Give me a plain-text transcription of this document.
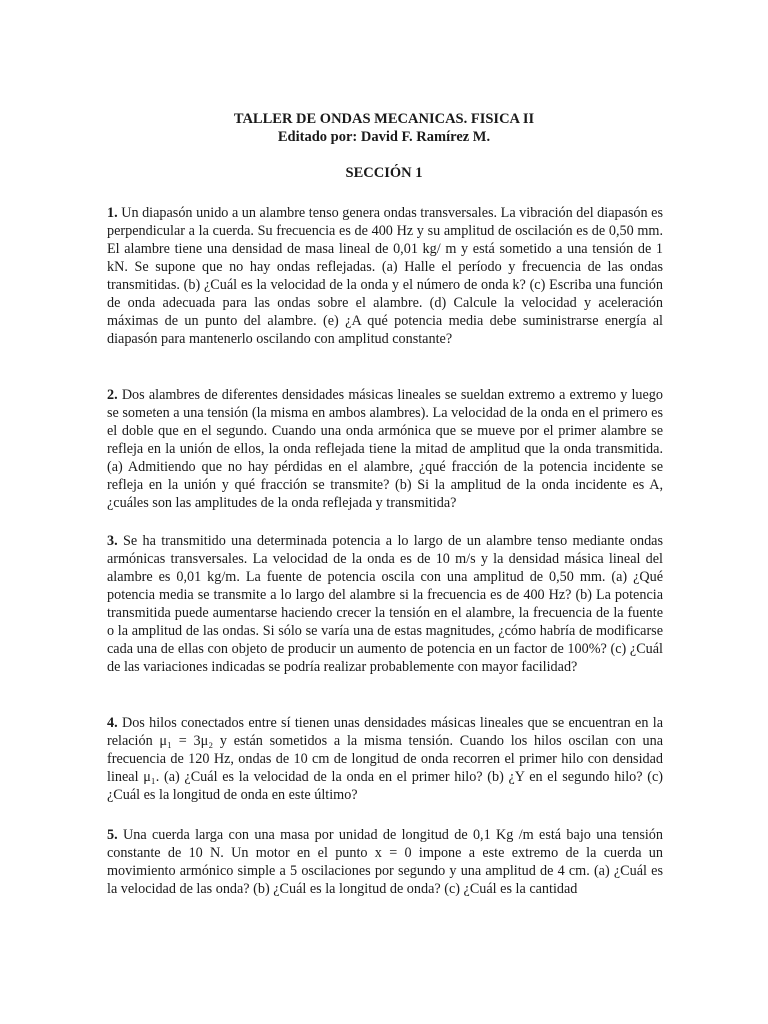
TALLER DE ONDAS MECANICAS. FISICA II
Editado por: David F. Ramírez M.
SECCIÓN 1

1. Un diapasón unido a un alambre tenso genera ondas transversales. La vibración del diapasón es perpendicular a la cuerda. Su frecuencia es de 400 Hz y su amplitud de oscilación es de 0,50 mm. El alambre tiene una densidad de masa lineal de 0,01 kg/ m y está sometido a una tensión de 1 kN. Se supone que no hay ondas reflejadas. (a) Halle el período y frecuencia de las ondas transmitidas. (b) ¿Cuál es la velocidad de la onda y el número de onda k? (c) Escriba una función de onda adecuada para las ondas sobre el alambre. (d) Calcule la velocidad y aceleración máximas de un punto del alambre. (e) ¿A qué potencia media debe suministrarse energía al diapasón para mantenerlo oscilando con amplitud constante?

2. Dos alambres de diferentes densidades másicas lineales se sueldan extremo a extremo y luego se someten a una tensión (la misma en ambos alambres). La velocidad de la onda en el primero es el doble que en el segundo. Cuando una onda armónica que se mueve por el primer alambre se refleja en la unión de ellos, la onda reflejada tiene la mitad de amplitud que la onda transmitida. (a) Admitiendo que no hay pérdidas en el alambre, ¿qué fracción de la potencia incidente se refleja en la unión y qué fracción se transmite? (b) Si la amplitud de la onda incidente es A, ¿cuáles son las amplitudes de la onda reflejada y transmitida?

3. Se ha transmitido una determinada potencia a lo largo de un alambre tenso mediante ondas armónicas transversales. La velocidad de la onda es de 10 m/s y la densidad másica lineal del alambre es 0,01 kg/m. La fuente de potencia oscila con una amplitud de 0,50 mm. (a) ¿Qué potencia media se transmite a lo largo del alambre si la frecuencia es de 400 Hz? (b) La potencia transmitida puede aumentarse haciendo crecer la tensión en el alambre, la frecuencia de la fuente o la amplitud de las ondas. Si sólo se varía una de estas magnitudes, ¿cómo habría de modificarse cada una de ellas con objeto de producir un aumento de potencia en un factor de 100%? (c) ¿Cuál de las variaciones indicadas se podría realizar probablemente con mayor facilidad?

4. Dos hilos conectados entre sí tienen unas densidades másicas lineales que se encuentran en la relación μ₁ = 3μ₂ y están sometidos a la misma tensión. Cuando los hilos oscilan con una frecuencia de 120 Hz, ondas de 10 cm de longitud de onda recorren el primer hilo con densidad lineal μ₁. (a) ¿Cuál es la velocidad de la onda en el primer hilo? (b) ¿Y en el segundo hilo? (c) ¿Cuál es la longitud de onda en este último?

5. Una cuerda larga con una masa por unidad de longitud de 0,1 Kg /m está bajo una tensión constante de 10 N. Un motor en el punto x = 0 impone a este extremo de la cuerda un movimiento armónico simple a 5 oscilaciones por segundo y una amplitud de 4 cm. (a) ¿Cuál es la velocidad de las onda? (b) ¿Cuál es la longitud de onda? (c) ¿Cuál es la cantidad
